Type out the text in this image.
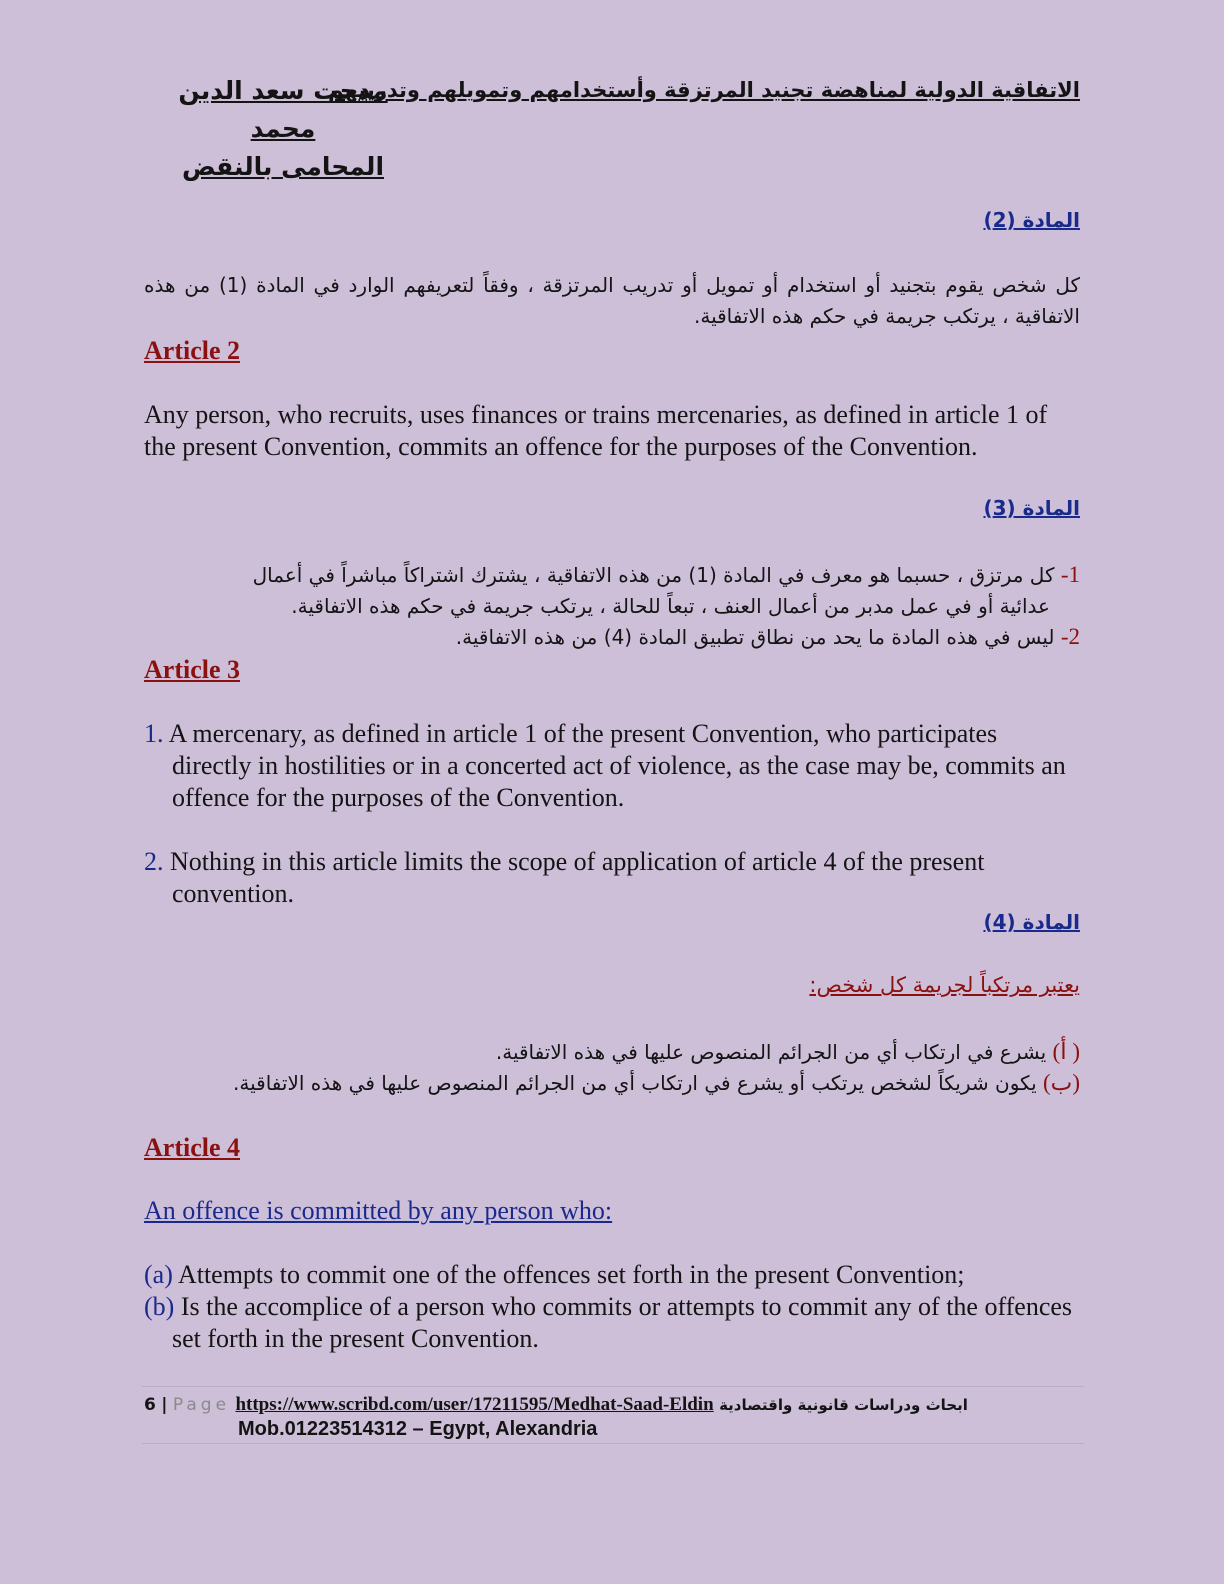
الاتفاقية الدولية لمناهضة تجنيد المرتزقة وأستخدامهم وتمويلهم وتدريبهم
مدحت سعد الدين محمد
المحامى بالنقض
المادة (2)
كل شخص يقوم بتجنيد أو استخدام أو تمويل أو تدريب المرتزقة ، وفقاً لتعريفهم الوارد في المادة (1) من هذه الاتفاقية ، يرتكب جريمة في حكم هذه الاتفاقية.
Article 2
Any person, who recruits, uses finances or trains mercenaries, as defined in article 1 of the present Convention, commits an offence for the purposes of the Convention.
المادة (3)
1- كل مرتزق ، حسبما هو معرف في المادة (1) من هذه الاتفاقية ، يشترك اشتراكاً مباشراً في أعمال
عدائية أو في عمل مدبر من أعمال العنف ، تبعاً للحالة ، يرتكب جريمة في حكم هذه الاتفاقية.
2- ليس في هذه المادة ما يحد من نطاق تطبيق المادة (4) من هذه الاتفاقية.
Article 3
1. A mercenary, as defined in article 1 of the present Convention, who participates directly in hostilities or in a concerted act of violence, as the case may be, commits an offence for the purposes of the Convention.
2. Nothing in this article limits the scope of application of article 4 of the present convention.
المادة (4)
يعتبر مرتكباً لجريمة كل شخص:
( أ) يشرع في ارتكاب أي من الجرائم المنصوص عليها في هذه الاتفاقية.
(ب) يكون شريكاً لشخص يرتكب أو يشرع في ارتكاب أي من الجرائم المنصوص عليها في هذه الاتفاقية.
Article 4
An offence is committed by any person who:
(a) Attempts to commit one of the offences set forth in the present Convention;
(b) Is the accomplice of a person who commits or attempts to commit any of the offences set forth in the present Convention.
6 | Page https://www.scribd.com/user/17211595/Medhat-Saad-Eldin ابحاث ودراسات قانونية واقتصادية
Mob.01223514312 – Egypt, Alexandria
